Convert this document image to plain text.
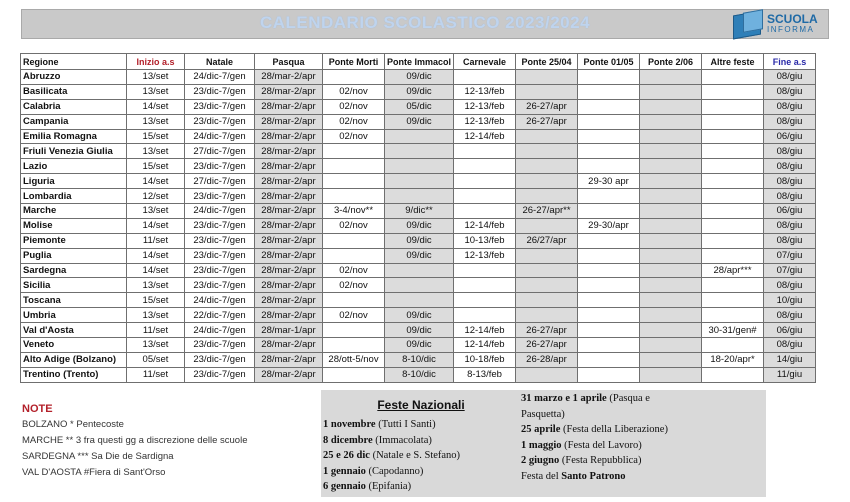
CALENDARIO SCOLASTICO 2023/2024	SCUOLA
INFORMA
Regione	Inizio a.s	Natale	Pasqua	Ponte Morti	Ponte Immacol	Carnevale	Ponte 25/04	Ponte 01/05	Ponte 2/06	Altre feste	Fine a.s
Abruzzo	13/set	24/dic-7/gen	28/mar-2/apr		09/dic						08/giu
Basilicata	13/set	23/dic-7/gen	28/mar-2/apr	02/nov	09/dic	12-13/feb					08/giu
Calabria	14/set	23/dic-7/gen	28/mar-2/apr	02/nov	05/dic	12-13/feb	26-27/apr				08/giu
Campania	13/set	23/dic-7/gen	28/mar-2/apr	02/nov	09/dic	12-13/feb	26-27/apr				08/giu
Emilia Romagna	15/set	24/dic-7/gen	28/mar-2/apr	02/nov		12-14/feb					06/giu
Friuli Venezia Giulia	13/set	27/dic-7/gen	28/mar-2/apr								08/giu
Lazio	15/set	23/dic-7/gen	28/mar-2/apr								08/giu
Liguria	14/set	27/dic-7/gen	28/mar-2/apr					29-30 apr			08/giu
Lombardia	12/set	23/dic-7/gen	28/mar-2/apr								08/giu
Marche	13/set	24/dic-7/gen	28/mar-2/apr	3-4/nov**	9/dic**		26-27/apr**				06/giu
Molise	14/set	23/dic-7/gen	28/mar-2/apr	02/nov	09/dic	12-14/feb		29-30/apr			08/giu
Piemonte	11/set	23/dic-7/gen	28/mar-2/apr		09/dic	10-13/feb	26/27/apr				08/giu
Puglia	14/set	23/dic-7/gen	28/mar-2/apr		09/dic	12-13/feb					07/giu
Sardegna	14/set	23/dic-7/gen	28/mar-2/apr	02/nov						28/apr***	07/giu
Sicilia	13/set	23/dic-7/gen	28/mar-2/apr	02/nov							08/giu
Toscana	15/set	24/dic-7/gen	28/mar-2/apr								10/giu
Umbria	13/set	22/dic-7/gen	28/mar-2/apr	02/nov	09/dic						08/giu
Val d'Aosta	11/set	24/dic-7/gen	28/mar-1/apr		09/dic	12-14/feb	26-27/apr			30-31/gen#	06/giu
Veneto	13/set	23/dic-7/gen	28/mar-2/apr		09/dic	12-14/feb	26-27/apr				08/giu
Alto Adige (Bolzano)	05/set	23/dic-7/gen	28/mar-2/apr	28/ott-5/nov	8-10/dic	10-18/feb	26-28/apr			18-20/apr*	14/giu
Trentino (Trento)	11/set	23/dic-7/gen	28/mar-2/apr		8-10/dic	8-13/feb					11/giu
NOTE
BOLZANO * Pentecoste
MARCHE ** 3 fra questi gg a discrezione delle scuole
SARDEGNA *** Sa Die de Sardigna
VAL D'AOSTA #Fiera di Sant'Orso
Feste Nazionali
1 novembre (Tutti I Santi)
8 dicembre (Immacolata)
25 e 26 dic (Natale e S. Stefano)
1 gennaio (Capodanno)
6 gennaio (Epifania)
31 marzo e 1 aprile (Pasqua e
Pasquetta)
25 aprile (Festa della Liberazione)
1 maggio (Festa del Lavoro)
2 giugno (Festa Repubblica)
Festa del Santo Patrono
